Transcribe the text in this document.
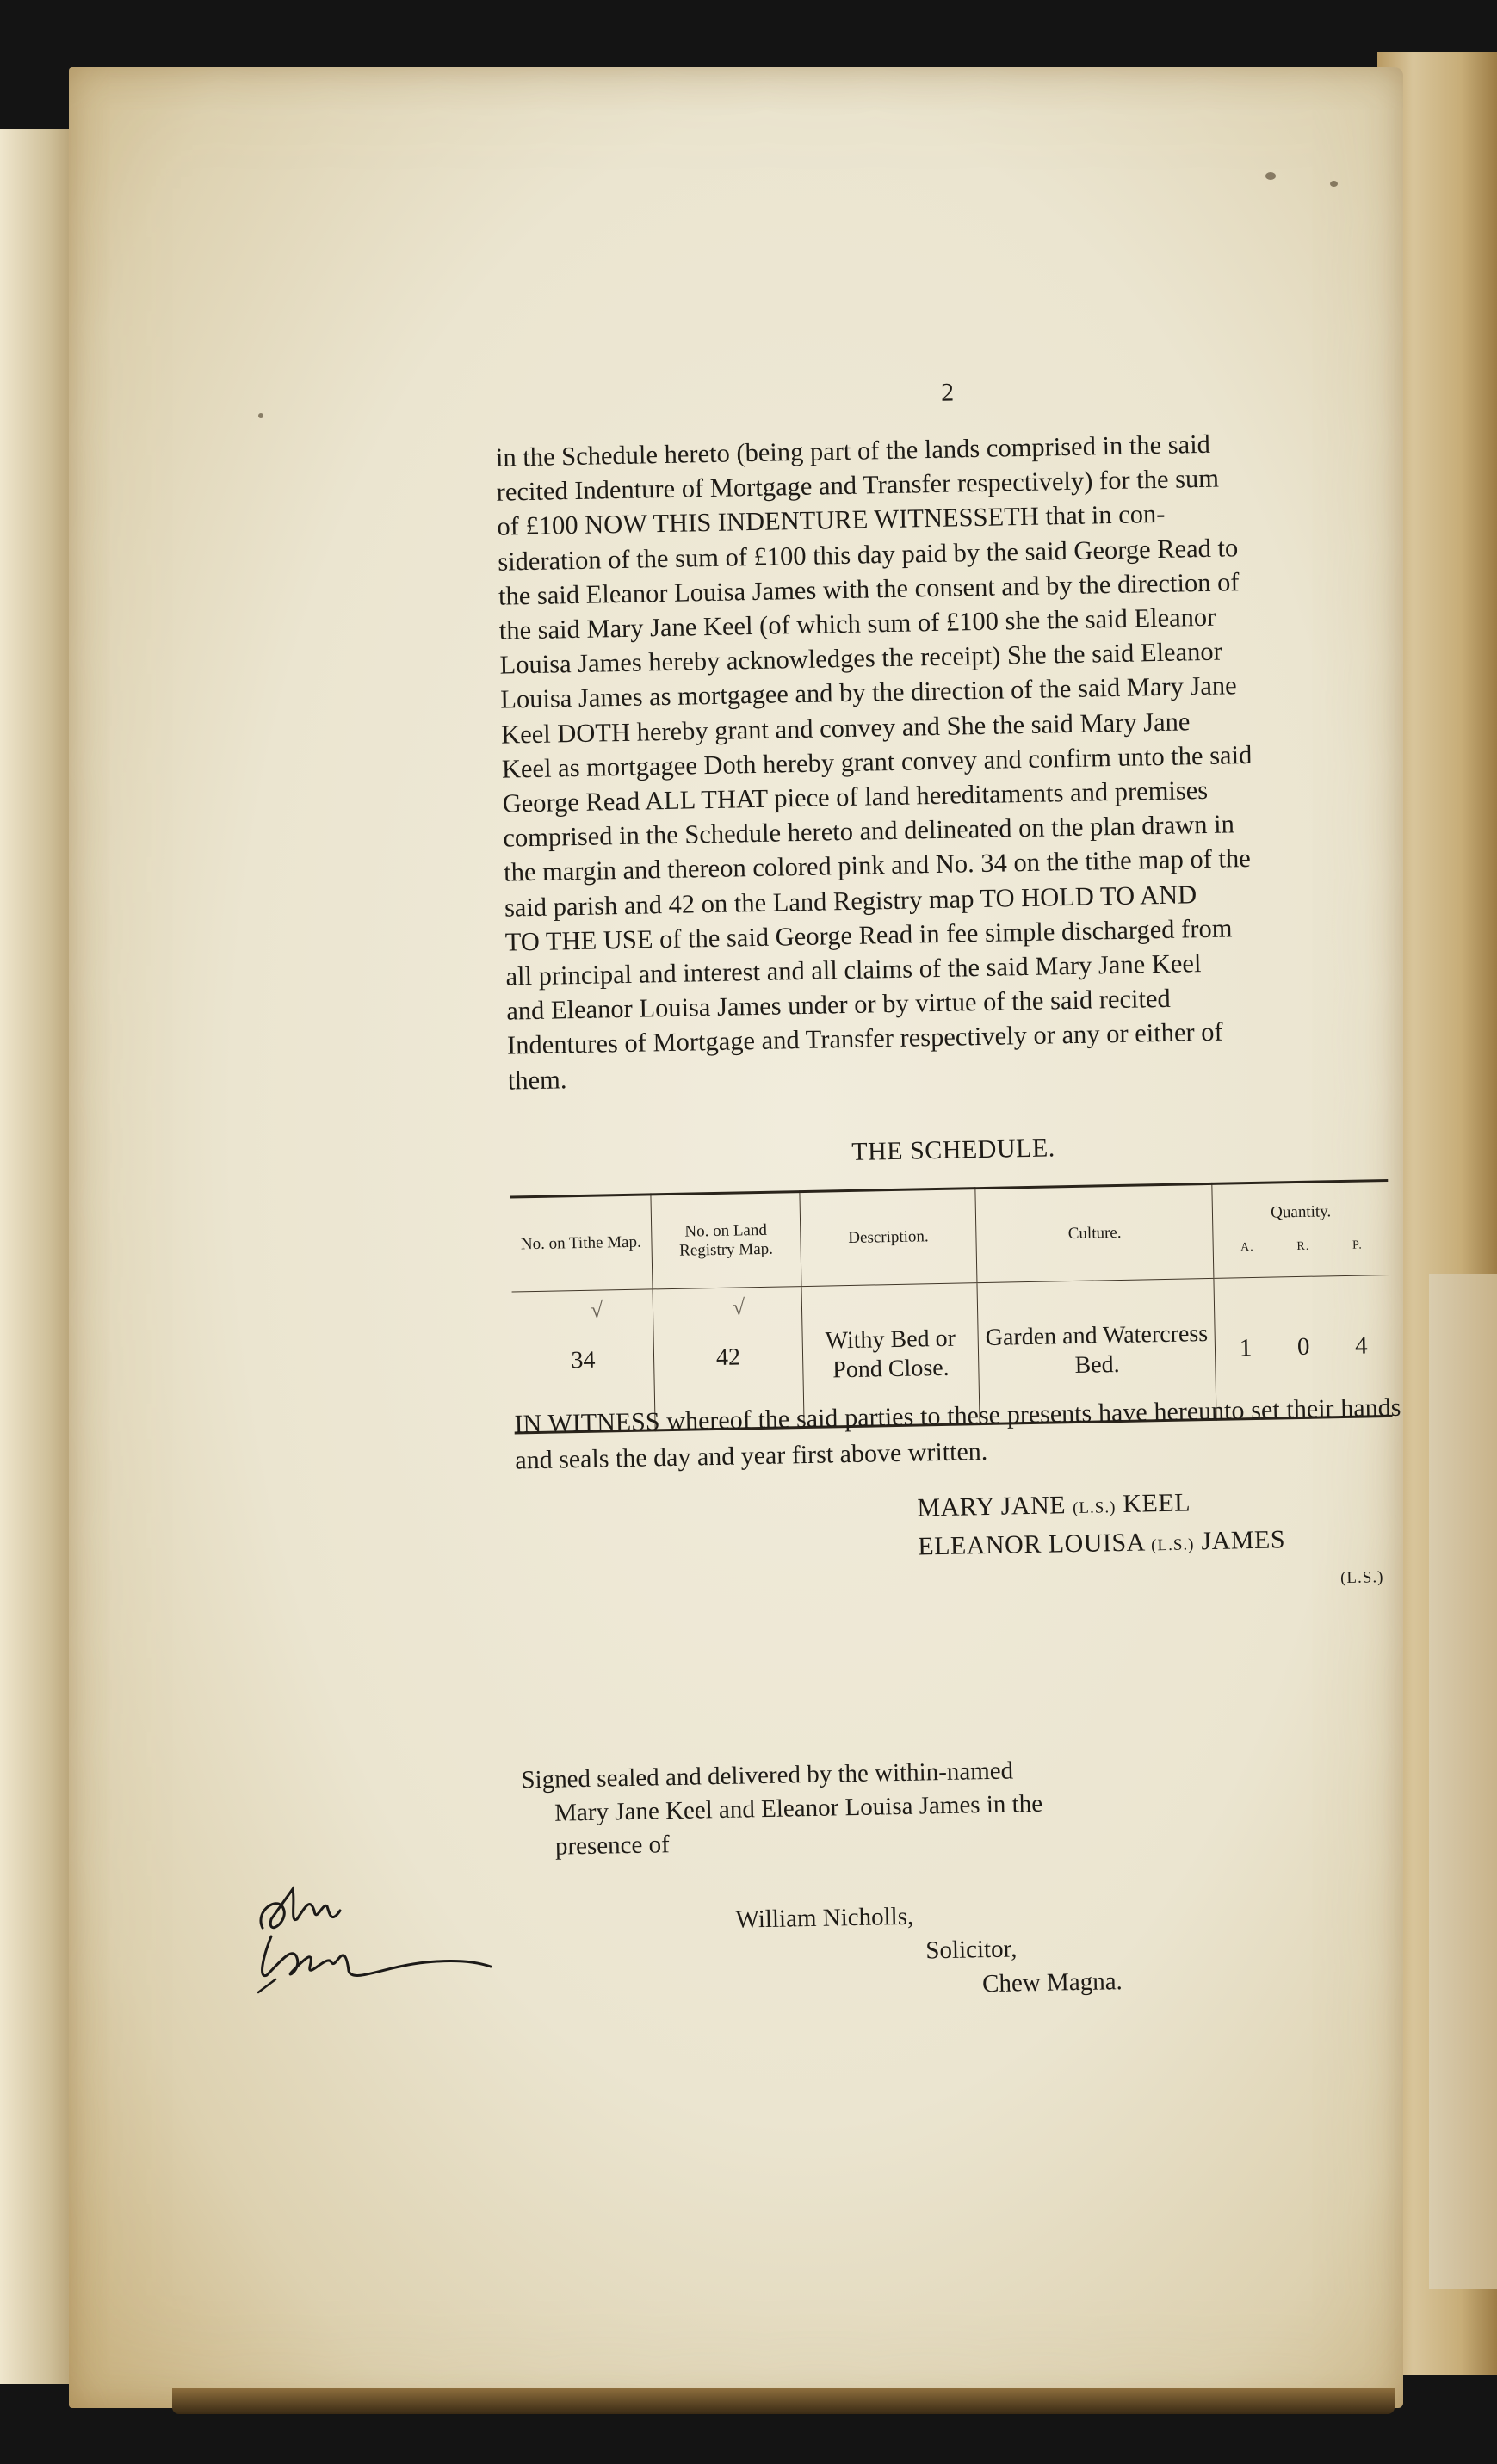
2
in the Schedule hereto (being part of the lands comprised in the said
recited Indenture of Mortgage and Transfer respectively) for the sum
of £100 NOW THIS INDENTURE WITNESSETH that in con-
sideration of the sum of £100 this day paid by the said George Read to
the said Eleanor Louisa James with the consent and by the direction of
the said Mary Jane Keel (of which sum of £100 she the said Eleanor
Louisa James hereby acknowledges the receipt) She the said Eleanor
Louisa James as mortgagee and by the direction of the said Mary Jane
Keel DOTH hereby grant and convey and She the said Mary Jane
Keel as mortgagee Doth hereby grant convey and confirm unto the said
George Read ALL THAT piece of land hereditaments and premises
comprised in the Schedule hereto and delineated on the plan drawn in
the margin and thereon colored pink and No. 34 on the tithe map of the
said parish and 42 on the Land Registry map TO HOLD TO AND
TO THE USE of the said George Read in fee simple discharged from
all principal and interest and all claims of the said Mary Jane Keel
and Eleanor Louisa James under or by virtue of the said recited
Indentures of Mortgage and Transfer respectively or any or either of
them.
THE SCHEDULE.
No. on Tithe Map.	No. on Land Registry Map.	Description.	Culture.	Quantity.
A. R. P.

34	42	Withy Bed or Pond Close.	Garden and Watercress Bed.	1 0 4
√	√
IN WITNESS whereof the said parties to these presents have hereunto set their hands and seals the day and year first above written.
MARY JANE (L.S.) KEEL
ELEANOR LOUISA (L.S.) JAMES
(L.S.)
Signed sealed and delivered by the within-named
Mary Jane Keel and Eleanor Louisa James in the
presence of
William Nicholls,
Solicitor,
Chew Magna.
